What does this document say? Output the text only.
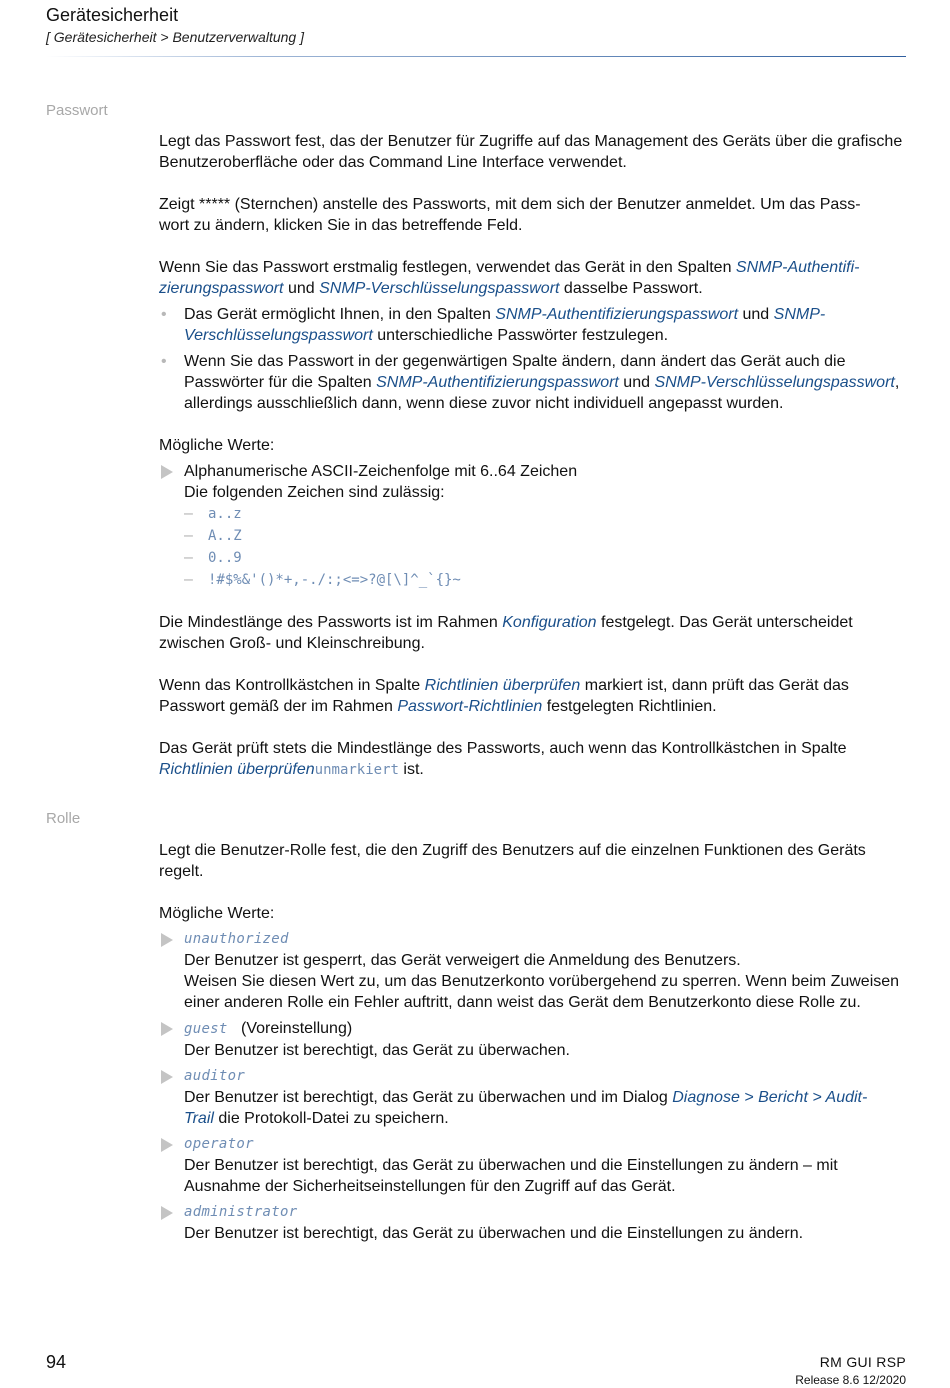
Gerätesicherheit
[ Gerätesicherheit > Benutzerverwaltung ]
Passwort

Legt das Passwort fest, das der Benutzer für Zugriffe auf das Management des Geräts über die grafische Benutzeroberfläche oder das Command Line Interface verwendet.

Zeigt ***** (Sternchen) anstelle des Passworts, mit dem sich der Benutzer anmeldet. Um das Pass-
wort zu ändern, klicken Sie in das betreffende Feld.

Wenn Sie das Passwort erstmalig festlegen, verwendet das Gerät in den Spalten SNMP-Authentifi-
zierungspasswort und SNMP-Verschlüsselungspasswort dasselbe Passwort.

• Das Gerät ermöglicht Ihnen, in den Spalten SNMP-Authentifizierungspasswort und SNMP-
Verschlüsselungspasswort unterschiedliche Passwörter festzulegen.
• Wenn Sie das Passwort in der gegenwärtigen Spalte ändern, dann ändert das Gerät auch die Passwörter für die Spalten SNMP-Authentifizierungspasswort und SNMP-Verschlüsselungspasswort, allerdings ausschließlich dann, wenn diese zuvor nicht individuell angepasst wurden.

Mögliche Werte:

Alphanumerische ASCII-Zeichenfolge mit 6..64 Zeichen
Die folgenden Zeichen sind zulässig:
– a..z
– A..Z
– 0..9
– !#$%&'()*+,-./:;<=>?@[\]^_`{}~

Die Mindestlänge des Passworts ist im Rahmen Konfiguration festgelegt. Das Gerät unterscheidet zwischen Groß- und Kleinschreibung.

Wenn das Kontrollkästchen in Spalte Richtlinien überprüfen markiert ist, dann prüft das Gerät das Passwort gemäß der im Rahmen Passwort-Richtlinien festgelegten Richtlinien.

Das Gerät prüft stets die Mindestlänge des Passworts, auch wenn das Kontrollkästchen in Spalte Richtlinien überprüfenunmarkiert ist.

Rolle

Legt die Benutzer-Rolle fest, die den Zugriff des Benutzers auf die einzelnen Funktionen des Geräts regelt.

Mögliche Werte:

unauthorized
Der Benutzer ist gesperrt, das Gerät verweigert die Anmeldung des Benutzers.
Weisen Sie diesen Wert zu, um das Benutzerkonto vorübergehend zu sperren. Wenn beim Zuweisen einer anderen Rolle ein Fehler auftritt, dann weist das Gerät dem Benutzerkonto diese Rolle zu.
guest (Voreinstellung)
Der Benutzer ist berechtigt, das Gerät zu überwachen.
auditor
Der Benutzer ist berechtigt, das Gerät zu überwachen und im Dialog Diagnose > Bericht > Audit-
Trail die Protokoll-Datei zu speichern.
operator
Der Benutzer ist berechtigt, das Gerät zu überwachen und die Einstellungen zu ändern – mit Ausnahme der Sicherheitseinstellungen für den Zugriff auf das Gerät.
administrator
Der Benutzer ist berechtigt, das Gerät zu überwachen und die Einstellungen zu ändern.
94	RM GUI RSP
Release 8.6 12/2020
